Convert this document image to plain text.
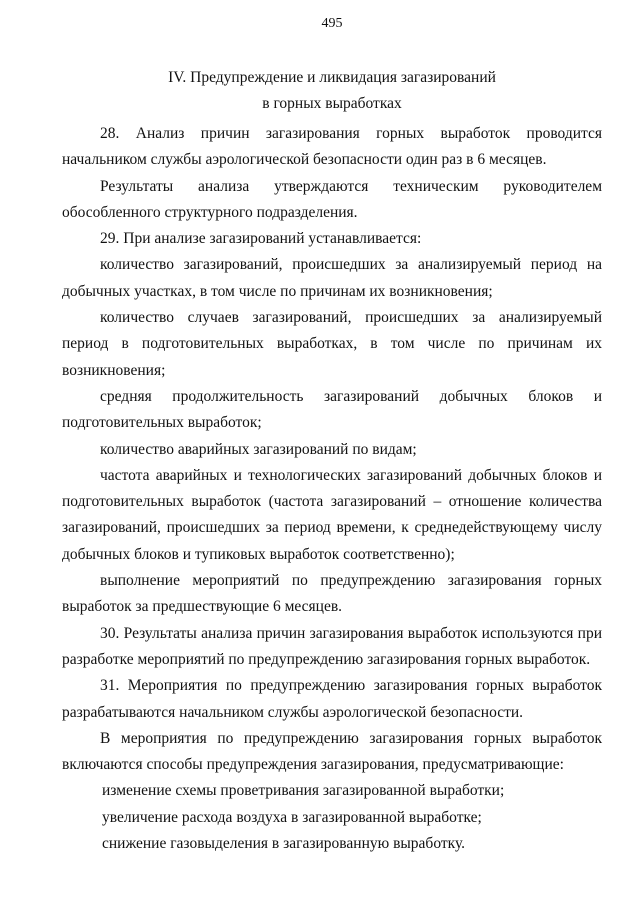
495
IV. Предупреждение и ликвидация загазирований
в горных выработках

28. Анализ причин загазирования горных выработок проводится начальником службы аэрологической безопасности один раз в 6 месяцев.

Результаты анализа утверждаются техническим руководителем обособленного структурного подразделения.

29. При анализе загазирований устанавливается:

количество загазирований, происшедших за анализируемый период на добычных участках, в том числе по причинам их возникновения;

количество случаев загазирований, происшедших за анализируемый период в подготовительных выработках, в том числе по причинам их возникновения;

средняя продолжительность загазирований добычных блоков и подготовительных выработок;

количество аварийных загазирований по видам;

частота аварийных и технологических загазирований добычных блоков и подготовительных выработок (частота загазирований – отношение количества загазирований, происшедших за период времени, к среднедействующему числу добычных блоков и тупиковых выработок соответственно);

выполнение мероприятий по предупреждению загазирования горных выработок за предшествующие 6 месяцев.

30. Результаты анализа причин загазирования выработок используются при разработке мероприятий по предупреждению загазирования горных выработок.

31. Мероприятия по предупреждению загазирования горных выработок разрабатываются начальником службы аэрологической безопасности.

В мероприятия по предупреждению загазирования горных выработок включаются способы предупреждения загазирования, предусматривающие:

изменение схемы проветривания загазированной выработки;

увеличение расхода воздуха в загазированной выработке;

снижение газовыделения в загазированную выработку.
